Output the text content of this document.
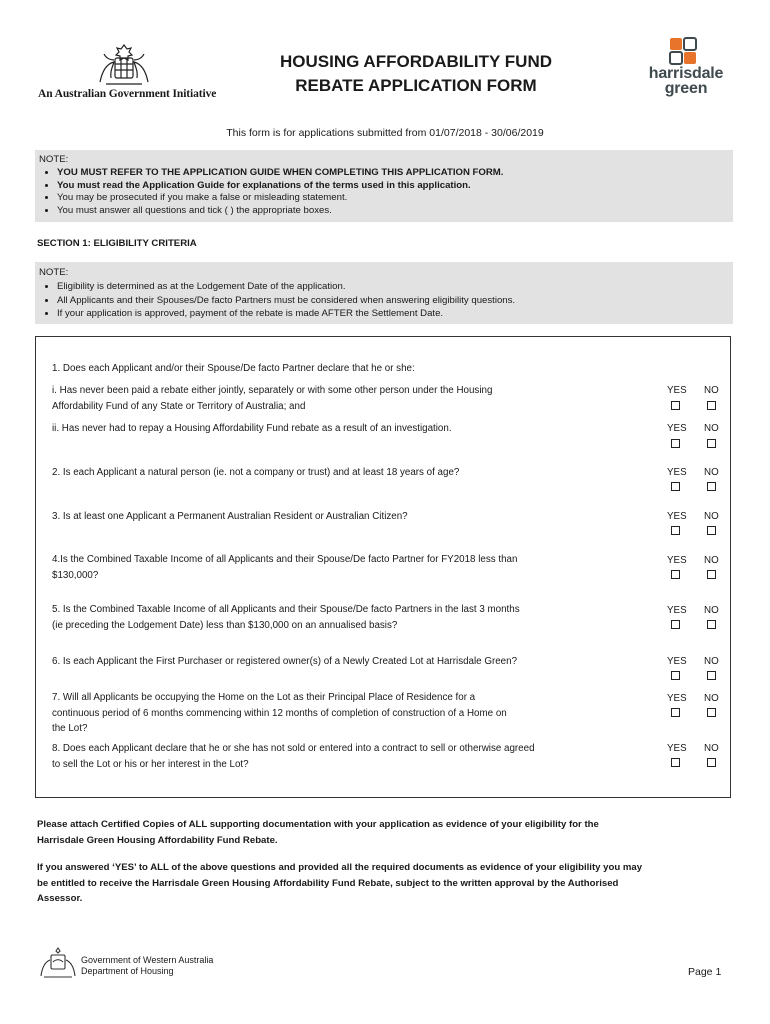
An Australian Government Initiative
HOUSING AFFORDABILITY FUND
REBATE APPLICATION FORM
harrisdale
green
This form is for applications submitted from 01/07/2018 - 30/06/2019
NOTE:
• YOU MUST REFER TO THE APPLICATION GUIDE WHEN COMPLETING THIS APPLICATION FORM.
• You must read the Application Guide for explanations of the terms used in this application.
• You may be prosecuted if you make a false or misleading statement.
• You must answer all questions and tick ( ) the appropriate boxes.
SECTION 1: ELIGIBILITY CRITERIA
NOTE:
• Eligibility is determined as at the Lodgement Date of the application.
• All Applicants and their Spouses/De facto Partners must be considered when answering eligibility questions.
• If your application is approved, payment of the rebate is made AFTER the Settlement Date.
1. Does each Applicant and/or their Spouse/De facto Partner declare that he or she:
i. Has never been paid a rebate either jointly, separately or with some other person under the Housing
Affordability Fund of any State or Territory of Australia; and
YES NO
ii. Has never had to repay a Housing Affordability Fund rebate as a result of an investigation.	YES NO
2. Is each Applicant a natural person (ie. not a company or trust) and at least 18 years of age?	YES NO
3. Is at least one Applicant a Permanent Australian Resident or Australian Citizen?	YES NO
4.Is the Combined Taxable Income of all Applicants and their Spouse/De facto Partner for FY2018 less than
$130,000?
YES NO
5. Is the Combined Taxable Income of all Applicants and their Spouse/De facto Partners in the last 3 months
(ie preceding the Lodgement Date) less than $130,000 on an annualised basis?
YES NO
6. Is each Applicant the First Purchaser or registered owner(s) of a Newly Created Lot at Harrisdale Green?	YES NO
7. Will all Applicants be occupying the Home on the Lot as their Principal Place of Residence for a
continuous period of 6 months commencing within 12 months of completion of construction of a Home on
the Lot?
YES NO
8. Does each Applicant declare that he or she has not sold or entered into a contract to sell or otherwise agreed
to sell the Lot or his or her interest in the Lot?
YES NO
Please attach Certified Copies of ALL supporting documentation with your application as evidence of your eligibility for the
Harrisdale Green Housing Affordability Fund Rebate.
If you answered ‘YES’ to ALL of the above questions and provided all the required documents as evidence of your eligibility you may
be entitled to receive the Harrisdale Green Housing Affordability Fund Rebate, subject to the written approval by the Authorised
Assessor.
Government of Western Australia
Department of Housing	Page 1
